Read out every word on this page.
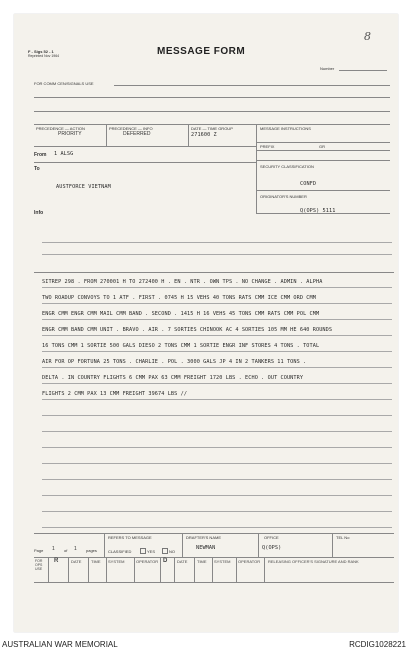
8
F - Sigs 52 - 1
Reprinted Nov 1964	MESSAGE FORM
Number
FOR COMM CEN/SIGNALS USE
PRECEDENCE — ACTION
PRIORITY
PRECEDENCE — INFO
DEFERRED
DATE — TIME GROUP
271600 Z
MESSAGE INSTRUCTIONS
PREFIX	GR
From 1 ALSG
To
AUSTFORCE VIETNAM
SECURITY CLASSIFICATION
CONFD
ORIGINATOR'S NUMBER
Q(OPS) 5111
Info
SITREP 298 . FROM 270001 H TO 272400 H . EN . NTR . OWN TPS . NO CHANGE . ADMIN . ALPHA
TWO ROADUP CONVOYS TO 1 ATF . FIRST . 0745 H 15 VEHS 40 TONS RATS CMM ICE CMM ORD CMM
ENGR CMM ENGR CMM MAIL CMM BAND . SECOND . 1415 H 16 VEHS 45 TONS CMM RATS CMM POL CMM
ENGR CMM BAND CMM UNIT . BRAVO . AIR . 7 SORTIES CHINOOK AC 4 SORTIES 105 MM HE 640 ROUNDS
16 TONS CMM 1 SORTIE 500 GALS DIESO 2 TONS CMM 1 SORTIE ENGR INF STORES 4 TONS . TOTAL
AIR FOR OP FORTUNA 25 TONS . CHARLIE . POL . 3000 GALS JP 4 IN 2 TANKERS 11 TONS .
DELTA . IN COUNTRY FLIGHTS 6 CMM PAX 63 CMM FREIGHT 1720 LBS . ECHO . OUT COUNTRY
FLIGHTS 2 CMM PAX 13 CMM FREIGHT 39674 LBS //
Page 1 of 1 pages
REFERS TO MESSAGE
CLASSIFIED	YES	NO
DRAFTER'S NAME
NEWMAN
OFFICE
Q(OPS)
TEL No
FOR OPS USE
R	DATE TIME SYSTEM	OPERATOR D DATE TIME SYSTEM OPERATOR RELEASING OFFICER'S SIGNATURE AND RANK
AUSTRALIAN WAR MEMORIAL	RCDIG1028221
